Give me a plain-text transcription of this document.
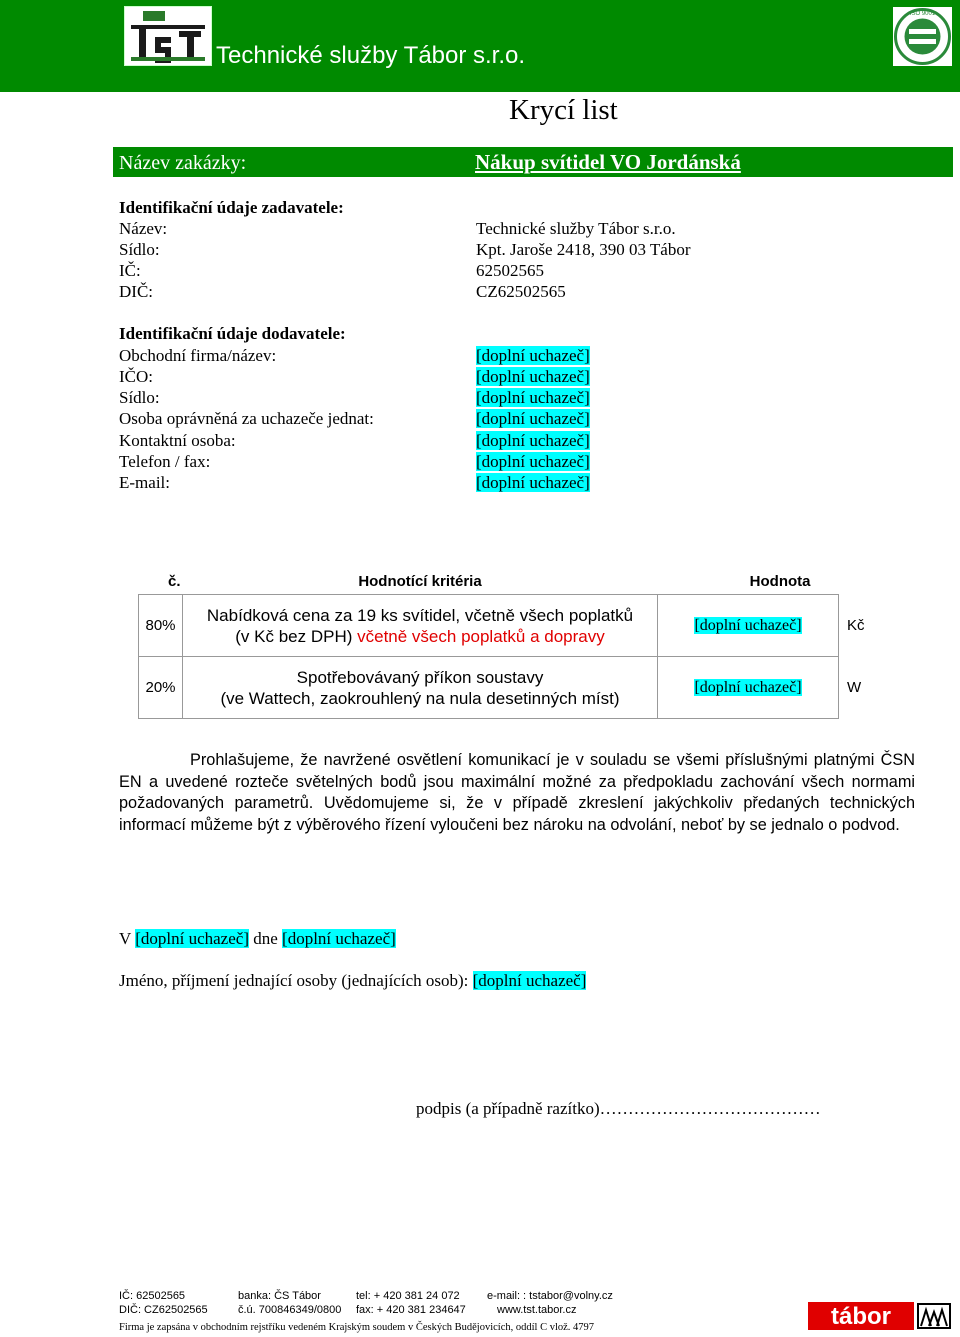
Technické služby Tábor s.r.o.
ISO 9001
Krycí list
Název zakázky:	Nákup svítidel VO Jordánská
Identifikační údaje zadavatele:
Název:	Technické služby Tábor s.r.o.
Sídlo:	Kpt. Jaroše 2418, 390 03 Tábor
IČ:	62502565
DIČ:	CZ62502565
Identifikační údaje dodavatele:
Obchodní firma/název:	[doplní uchazeč]
IČO:	[doplní uchazeč]
Sídlo:	[doplní uchazeč]
Osoba oprávněná za uchazeče jednat:	[doplní uchazeč]
Kontaktní osoba:	[doplní uchazeč]
Telefon / fax:	[doplní uchazeč]
E-mail:	[doplní uchazeč]
č.	Hodnotící kritéria	Hodnota	
80%	Nabídková cena za 19 ks svítidel, včetně všech poplatků
(v Kč bez DPH) včetně všech poplatků a dopravy	[doplní uchazeč]	Kč
20%	Spotřebovávaný příkon soustavy
(ve Wattech, zaokrouhlený na nula desetinných míst)	[doplní uchazeč]	W
Prohlašujeme, že navržené osvětlení komunikací je v souladu se všemi příslušnými platnými ČSN EN a uvedené rozteče světelných bodů jsou maximální možné za předpokladu zachování všech normami požadovaných parametrů. Uvědomujeme si, že v případě zkreslení jakýchkoliv předaných technických informací můžeme být z výběrového řízení vyloučeni bez nároku na odvolání, neboť by se jednalo o podvod.
V [doplní uchazeč] dne [doplní uchazeč]
Jméno, příjmení jednající osoby (jednajících osob): [doplní uchazeč]
podpis (a případně razítko)…………………………………
IČ: 62502565
DIČ: CZ62502565
banka: ČS Tábor
č.ú. 700846349/0800
tel: + 420 381 24 072
fax: + 420 381 234647
e-mail: : tstabor@volny.cz
www.tst.tabor.cz
Firma je zapsána v obchodním rejstříku vedeném Krajským soudem v Českých Budějovicích, oddíl C vlož. 4797	tábor
